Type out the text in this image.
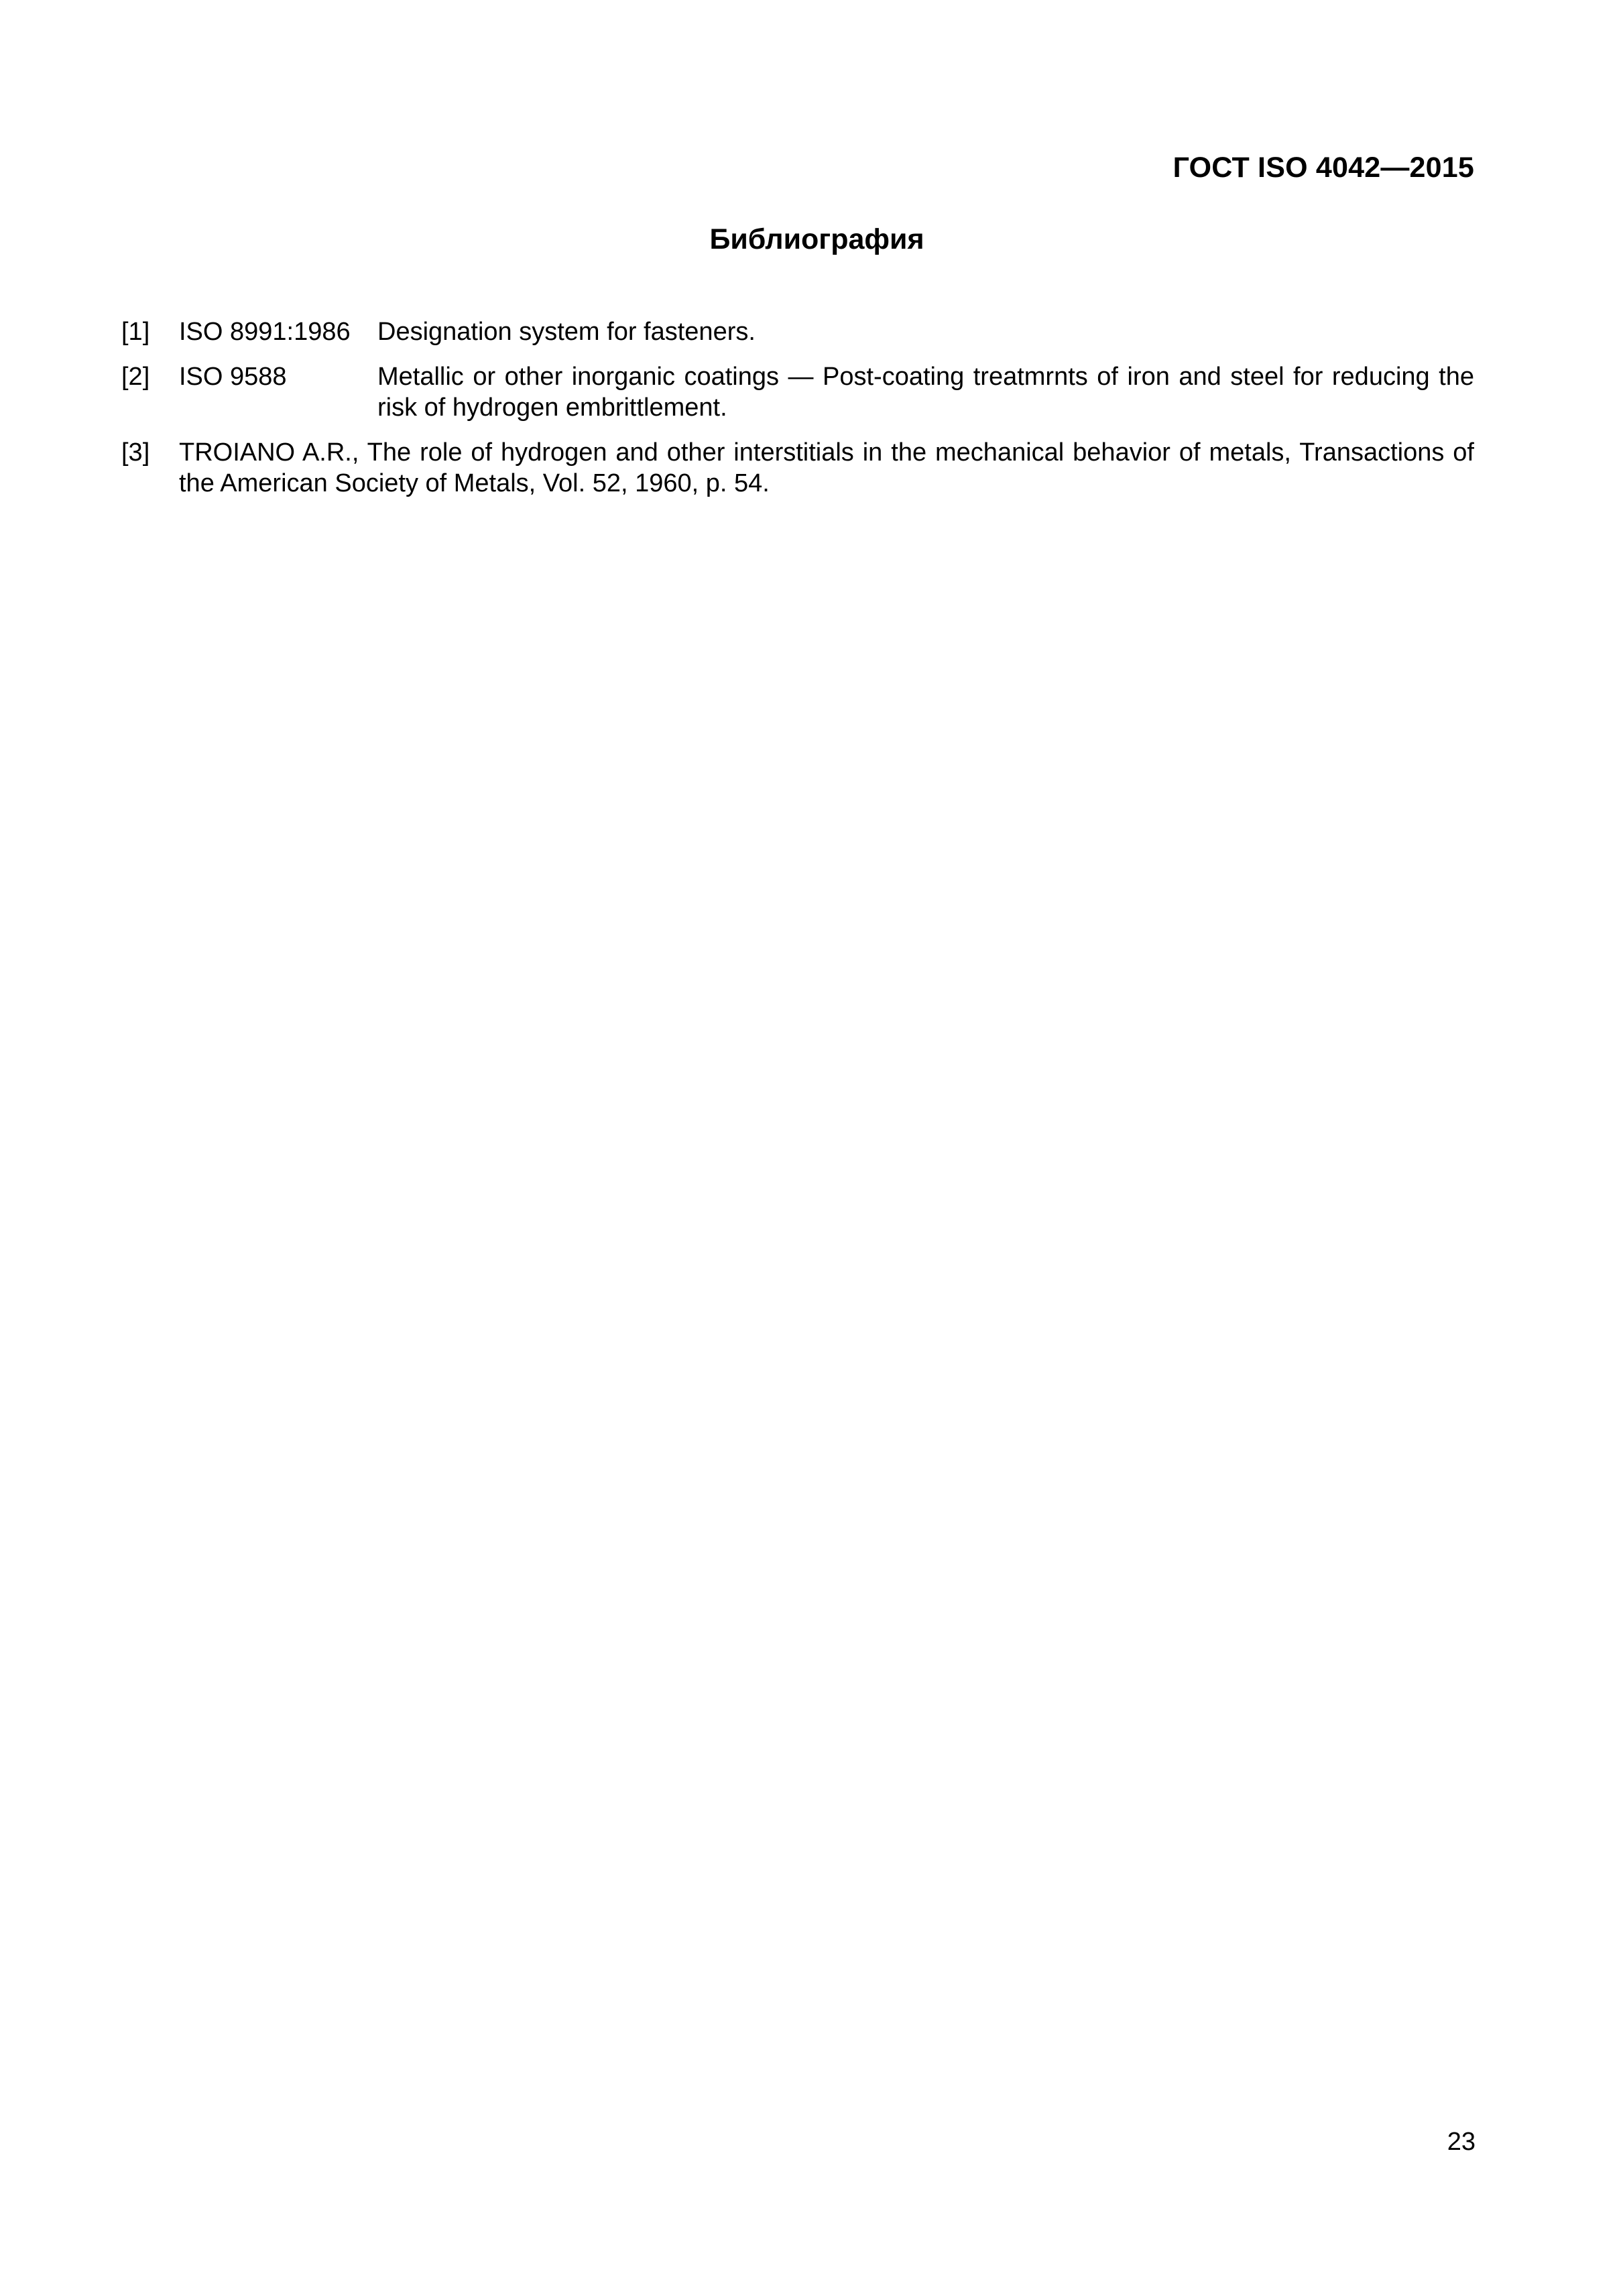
ГОСТ ISO 4042—2015
Библиография
[1] ISO 8991:1986 Designation system for fasteners.
[2] ISO 9588	Metallic or other inorganic coatings — Post-coating treatmrnts of iron and steel for reducing the risk of hydrogen embrittlement.
[3] TROIANO A.R., The role of hydrogen and other interstitials in the mechanical behavior of metals, Transactions of the American Society of Metals, Vol. 52, 1960, p. 54.
23
